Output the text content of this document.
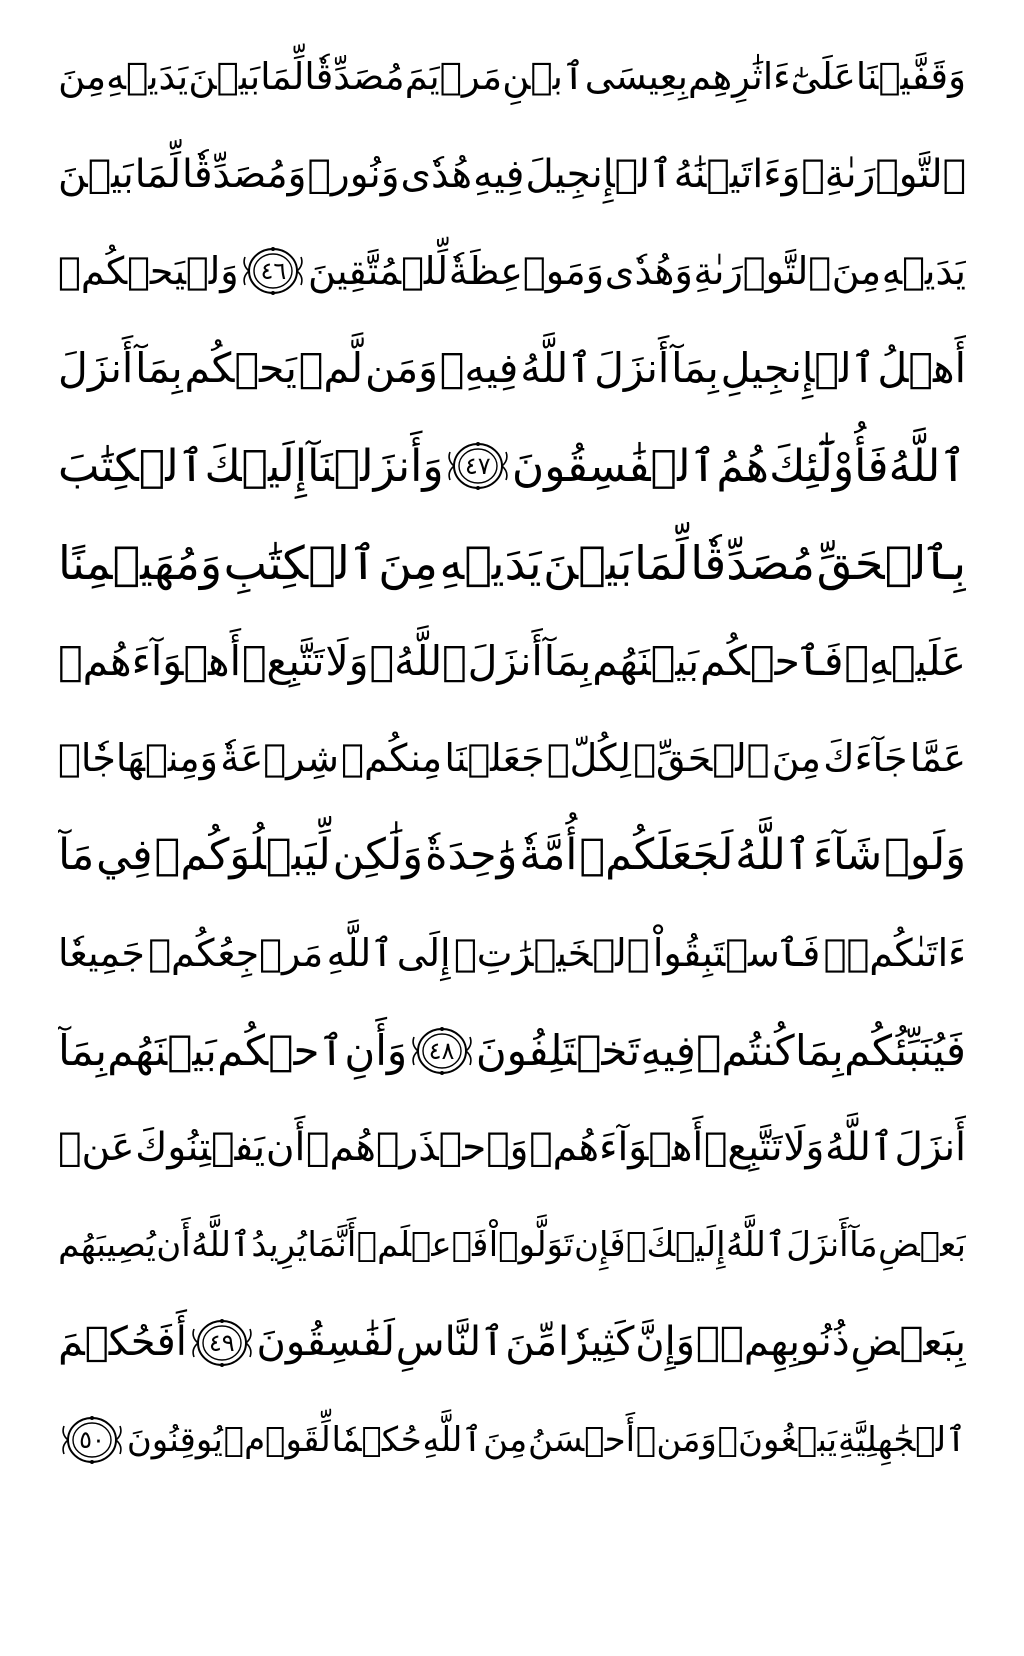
وَقَفَّيۡنَا
عَلَىٰٓ
ءَاثَٰرِهِم
بِعِيسَى
ٱبۡنِ
مَرۡيَمَ
مُصَدِّقٗا
لِّمَا
بَيۡنَ
يَدَيۡهِ
مِنَ
ٱلتَّوۡرَىٰةِۖ
وَءَاتَيۡنَٰهُ
ٱلۡإِنجِيلَ
فِيهِ
هُدٗى
وَنُورٞ
وَمُصَدِّقٗا
لِّمَا
بَيۡنَ
يَدَيۡهِ
مِنَ
ٱلتَّوۡرَىٰةِ
وَهُدٗى
وَمَوۡعِظَةٗ
لِّلۡمُتَّقِينَ
٤٦
وَلۡيَحۡكُمۡ
أَهۡلُ
ٱلۡإِنجِيلِ
بِمَآ
أَنزَلَ
ٱللَّهُ
فِيهِۚ
وَمَن
لَّمۡ
يَحۡكُم
بِمَآ
أَنزَلَ
ٱللَّهُ
فَأُوْلَٰٓئِكَ
هُمُ
ٱلۡفَٰسِقُونَ
٤٧
وَأَنزَلۡنَآ
إِلَيۡكَ
ٱلۡكِتَٰبَ
بِٱلۡحَقِّ
مُصَدِّقٗا
لِّمَا
بَيۡنَ
يَدَيۡهِ
مِنَ
ٱلۡكِتَٰبِ
وَمُهَيۡمِنًا
عَلَيۡهِۖ
فَٱحۡكُم
بَيۡنَهُم
بِمَآ
أَنزَلَ
ٱللَّهُۖ
وَلَا
تَتَّبِعۡ
أَهۡوَآءَهُمۡ
عَمَّا
جَآءَكَ
مِنَ
ٱلۡحَقِّۚ
لِكُلّٖ
جَعَلۡنَا
مِنكُمۡ
شِرۡعَةٗ
وَمِنۡهَاجٗاۚ
وَلَوۡ
شَآءَ
ٱللَّهُ
لَجَعَلَكُمۡ
أُمَّةٗ
وَٰحِدَةٗ
وَلَٰكِن
لِّيَبۡلُوَكُمۡ
فِي
مَآ
ءَاتَىٰكُمۡۖ
فَٱسۡتَبِقُواْ
ٱلۡخَيۡرَٰتِۚ
إِلَى
ٱللَّهِ
مَرۡجِعُكُمۡ
جَمِيعٗا
فَيُنَبِّئُكُم
بِمَا
كُنتُمۡ
فِيهِ
تَخۡتَلِفُونَ
٤٨
وَأَنِ
ٱحۡكُم
بَيۡنَهُم
بِمَآ
أَنزَلَ
ٱللَّهُ
وَلَا
تَتَّبِعۡ
أَهۡوَآءَهُمۡ
وَٱحۡذَرۡهُمۡ
أَن
يَفۡتِنُوكَ
عَنۢ
بَعۡضِ
مَآ
أَنزَلَ
ٱللَّهُ
إِلَيۡكَۖ
فَإِن
تَوَلَّوۡاْ
فَٱعۡلَمۡ
أَنَّمَا
يُرِيدُ
ٱللَّهُ
أَن
يُصِيبَهُم
بِبَعۡضِ
ذُنُوبِهِمۡۗ
وَإِنَّ
كَثِيرٗا
مِّنَ
ٱلنَّاسِ
لَفَٰسِقُونَ
٤٩
أَفَحُكۡمَ
ٱلۡجَٰهِلِيَّةِ
يَبۡغُونَۚ
وَمَنۡ
أَحۡسَنُ
مِنَ
ٱللَّهِ
حُكۡمٗا
لِّقَوۡمٖ
يُوقِنُونَ
٥٠
